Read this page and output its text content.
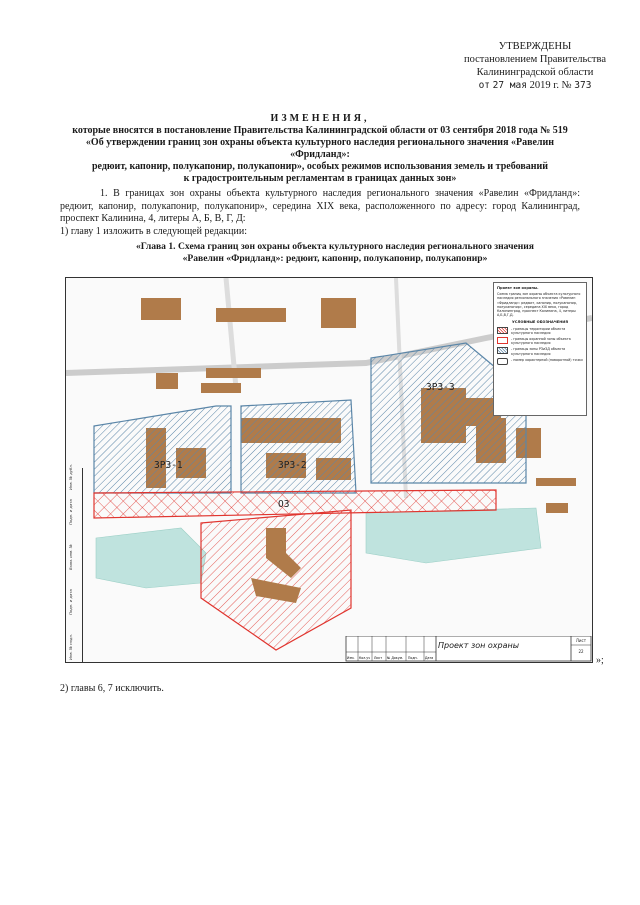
УТВЕРЖДЕНЫ
постановлением Правительства
Калининградской области
от 27 мая 2019 г. № 373
ИЗМЕНЕНИЯ,
которые вносятся в постановление Правительства Калининградской области от 03 сентября 2018 года № 519
«Об утверждении границ зон охраны объекта культурного наследия регионального значения «Равелин «Фридланд»:
редюит, капонир, полукапонир, полукапонир», особых режимов использования земель и требований
к градостроительным регламентам в границах данных зон»
1. В границах зон охраны объекта культурного наследия регионального значения «Равелин «Фридланд»: редюит, капонир, полукапонир, полукапонир», середина XIX века, расположенного по адресу: город Калининград, проспект Калинина, 4, литеры А, Б, В, Г, Д:
1) главу 1 изложить в следующей редакции:
«Глава 1. Схема границ зон охраны объекта культурного наследия регионального значения
«Равелин «Фридланд»: редюит, капонир, полукапонир, полукапонир»
ЗРЗ-1	ЗРЗ-2
ЗРЗ-3
ОЗ
Инв. № подл.
Подп. и дата
Взам. инв. №
Подп. и дата
Инв. № дубл.
Проект зон охраны.
Схема границ зон охраны объекта культурного наследия регионального значения «Равелин «Фридланд»: редюит, капонир, полукапонир, полукапонир», середина XIX века, город Калининград, проспект Калинина, 4, литеры А,Б,В,Г,Д.
УСЛОВНЫЕ ОБОЗНАЧЕНИЯ
- границы территории объекта культурного наследия
- границы охранной зоны объекта культурного наследия
- границы зоны РЗиЗД объекта культурного наследия
- номер характерной (поворотной) точки
Изм. Кол.уч Лист № Докум. Подп. Дата
Проект зон охраны
Лист
22
»;
2) главы 6, 7 исключить.
